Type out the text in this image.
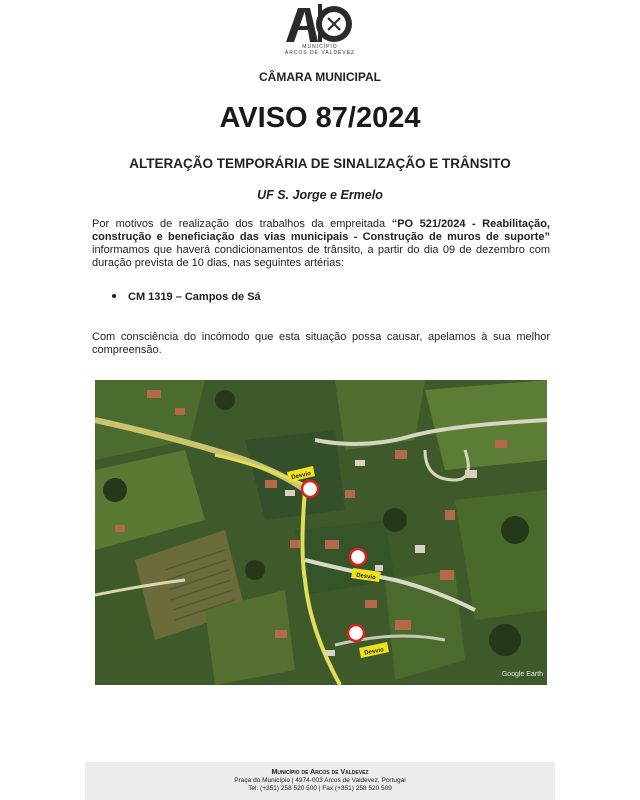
MUNICÍPIO
ARCOS DE VALDEVEZ
CÂMARA MUNICIPAL
AVISO 87/2024
ALTERAÇÃO TEMPORÁRIA DE SINALIZAÇÃO E TRÂNSITO
UF S. Jorge e Ermelo
Por motivos de realização dos trabalhos da empreitada “PO 521/2024 - Reabilitação, construção e beneficiação das vias municipais - Construção de muros de suporte” informamos que haverá condicionamentos de trânsito, a partir do dia 09 de dezembro com duração prevista de 10 dias, nas seguintes artérias:
CM 1319 – Campos de Sá
Com consciência do incómodo que esta situação possa causar, apelamos à sua melhor compreensão.
Desvio
Desvio
Desvio
Google Earth
Município de Arcos de Valdevez
Praça do Município | 4974-003 Arcos de Valdevez, Portugal
Tel. (+351) 258 520 500 | Fax (+351) 258 520 509
